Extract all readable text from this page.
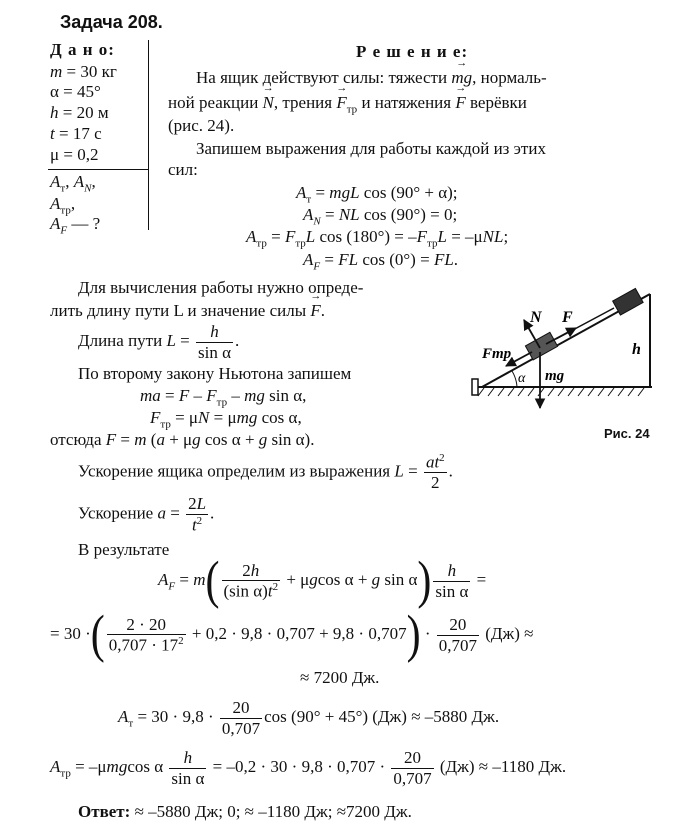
Задача 208.
Д а н о:
m = 30 кг
α = 45°
h = 20 м
t = 17 с
μ = 0,2
$A_т$, $A_N$,
$A_{тр}$,
$A_F$ — ?
Р е ш е н и е:
На ящик действуют силы: тяжести → mg, нормаль-
ной реакции → N, трения → $F_{тр}$ и натяжения → F верёвки
(рис. 24).
Запишем выражения для работы каждой из этих
сил:
$A_т$ = mgL cos (90° + α);
$A_N$ = NL cos (90°) = 0;
$A_{тр} = F_{тр}L$ $\cos (180^\circ) = -F_{тр}L = -\mu NL$;
$A_F$ = FL cos (0°) = FL.
Для вычисления работы нужно опреде-
лить длину пути L и значение силы → F.
Длина пути $L = \frac{h}{\text{sin α}}$ .
По второму закону Ньютона запишем
ma = F – $F_{тр}$ – mg sin α,
$F_{тр} = \mu N = \mu mg$ cos α,
отсюда F = m (a + μg cos α + g sin α).
N F
Fтр
mg
h
α
Рис. 24
Ускорение ящика определим из выражения $L = \frac{at^2}{2}$ .
Ускорение $a = \frac{2L}{t^2}$ .
В результате
$A_F = m( \frac{2h}{(\sin \alpha)t^2} + \mu gcos$ α + g $\sin \alpha) \frac{h}{\text{sin α}}$ =
= 30 ·( $\frac{2 \cdot 20}{0,707 \cdot 17^2} + 0,2 \cdot 9,8 \cdot 0,707 + 9,8 \cdot 0,707) \cdot \frac{20}{0,707} (Дж)$ ≈
≈ 7200 Дж.
$A_т = 30 \cdot 9,8 \cdot \frac{20}{0,707}$ cos (90° + 45°) (Дж) ≈ –5880 Дж.
$A_{тр} = -\mu mgcos$ α $\frac{h}{\text{sin α}} = -0,2 \cdot 30 \cdot 9,8 \cdot 0,707 \cdot \frac{20}{0,707} (Дж) \approx -1180$ Дж.
Ответ: ≈ –5880 Дж; 0; ≈ –1180 Дж; ≈7200 Дж.
